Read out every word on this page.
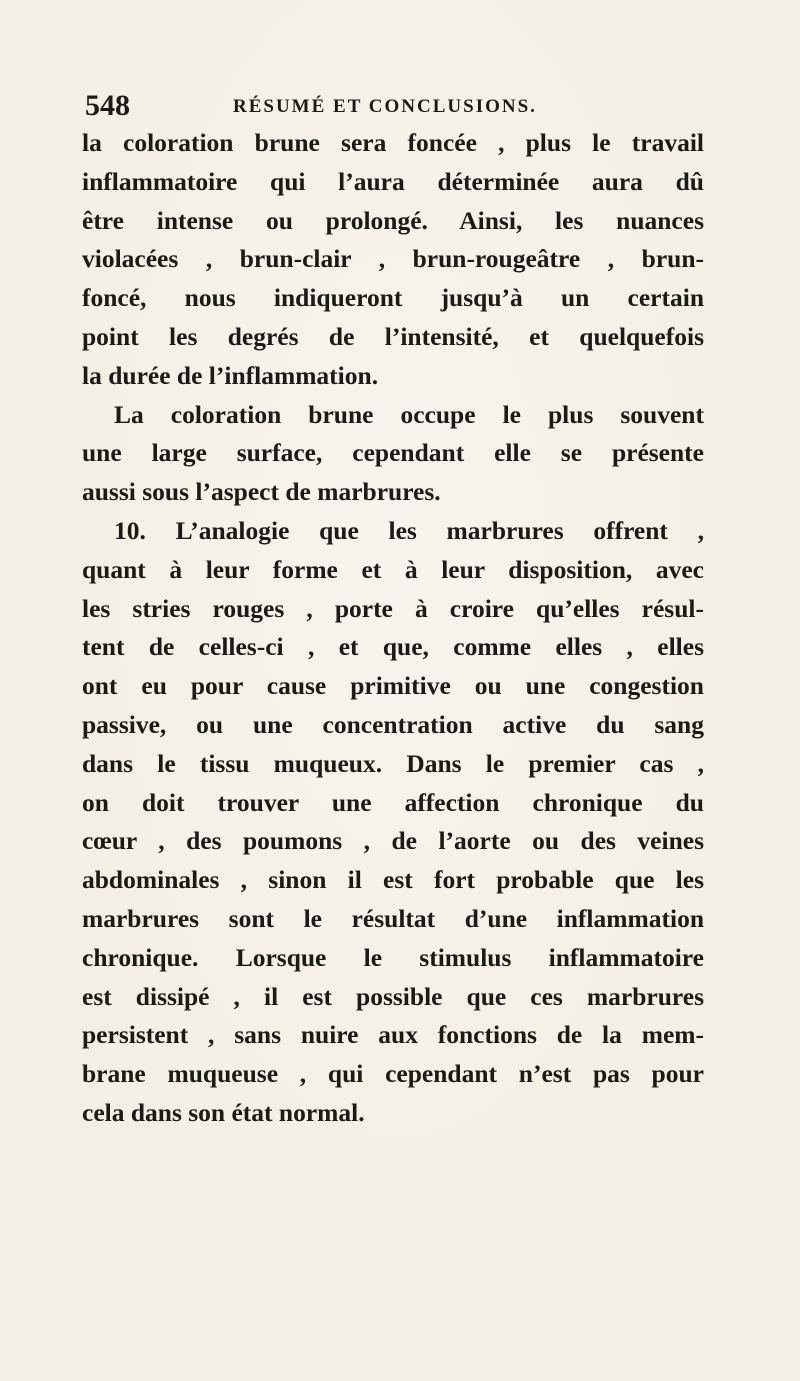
548	RÉSUMÉ ET CONCLUSIONS.
la coloration brune sera foncée , plus le travail
inflammatoire qui l’aura déterminée aura dû
être intense ou prolongé. Ainsi, les nuances
violacées , brun-clair , brun-rougeâtre , brun-
foncé, nous indiqueront jusqu’à un certain
point les degrés de l’intensité, et quelquefois
la durée de l’inflammation.
La coloration brune occupe le plus souvent
une large surface, cependant elle se présente
aussi sous l’aspect de marbrures.
10. L’analogie que les marbrures offrent ,
quant à leur forme et à leur disposition, avec
les stries rouges , porte à croire qu’elles résul-
tent de celles-ci , et que, comme elles , elles
ont eu pour cause primitive ou une congestion
passive, ou une concentration active du sang
dans le tissu muqueux. Dans le premier cas ,
on doit trouver une affection chronique du
cœur , des poumons , de l’aorte ou des veines
abdominales , sinon il est fort probable que les
marbrures sont le résultat d’une inflammation
chronique. Lorsque le stimulus inflammatoire
est dissipé , il est possible que ces marbrures
persistent , sans nuire aux fonctions de la mem-
brane muqueuse , qui cependant n’est pas pour
cela dans son état normal.
